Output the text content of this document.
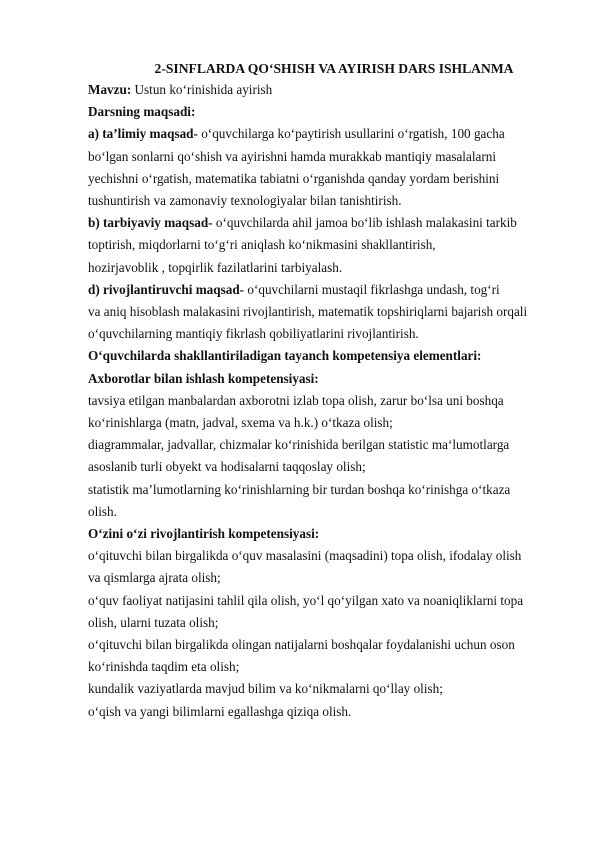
2-SINFLARDA QO‘SHISH VA AYIRISH DARS ISHLANMA
Mavzu: Ustun ko‘rinishida ayirish
Darsning maqsadi:
a) ta’limiy maqsad- o‘quvchilarga ko‘paytirish usullarini o‘rgatish, 100 gacha
bo‘lgan sonlarni qo‘shish va ayirishni hamda murakkab mantiqiy masalalarni
yechishni o‘rgatish, matematika tabiatni o‘rganishda qanday yordam berishini
tushuntirish va zamonaviy texnologiyalar bilan tanishtirish.
b) tarbiyaviy maqsad- o‘quvchilarda ahil jamoa bo‘lib ishlash malakasini tarkib
toptirish, miqdorlarni to‘g‘ri aniqlash ko‘nikmasini shakllantirish,
hozirjavoblik , topqirlik fazilatlarini tarbiyalash.
d) rivojlantiruvchi maqsad- o‘quvchilarni mustaqil fikrlashga undash, tog‘ri
va aniq hisoblash malakasini rivojlantirish, matematik topshiriqlarni bajarish orqali
o‘quvchilarning mantiqiy fikrlash qobiliyatlarini rivojlantirish.
O‘quvchilarda shakllantiriladigan tayanch kompetensiya elementlari:
Axborotlar bilan ishlash kompetensiyasi:
tavsiya etilgan manbalardan axborotni izlab topa olish, zarur bo‘lsa uni boshqa
ko‘rinishlarga (matn, jadval, sxema va h.k.) o‘tkaza olish;
diagrammalar, jadvallar, chizmalar ko‘rinishida berilgan statistic ma‘lumotlarga
asoslanib turli obyekt va hodisalarni taqqoslay olish;
statistik ma’lumotlarning ko‘rinishlarning bir turdan boshqa ko‘rinishga o‘tkaza
olish.
O‘zini o‘zi rivojlantirish kompetensiyasi:
o‘qituvchi bilan birgalikda o‘quv masalasini (maqsadini) topa olish, ifodalay olish
va qismlarga ajrata olish;
o‘quv faoliyat natijasini tahlil qila olish, yo‘l qo‘yilgan xato va noaniqliklarni topa
olish, ularni tuzata olish;
o‘qituvchi bilan birgalikda olingan natijalarni boshqalar foydalanishi uchun oson
ko‘rinishda taqdim eta olish;
kundalik vaziyatlarda mavjud bilim va ko‘nikmalarni qo‘llay olish;
o‘qish va yangi bilimlarni egallashga qiziqa olish.
